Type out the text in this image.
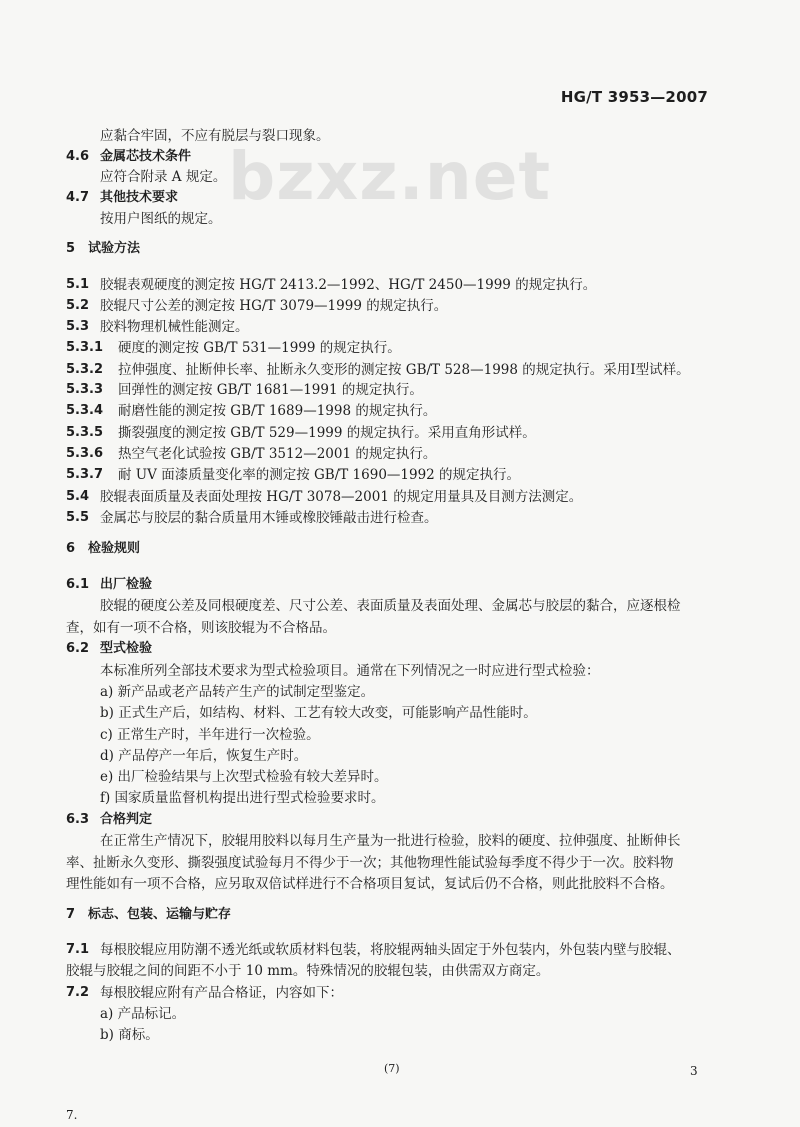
HG/T 3953—2007
bzxz.net
应黏合牢固，不应有脱层与裂口现象。
4.6 金属芯技术条件
应符合附录 A 规定。
4.7 其他技术要求
按用户图纸的规定。
5 试验方法
5.1 胶辊表观硬度的测定按 HG/T 2413.2—1992、HG/T 2450—1999 的规定执行。
5.2 胶辊尺寸公差的测定按 HG/T 3079—1999 的规定执行。
5.3 胶料物理机械性能测定。
5.3.1 硬度的测定按 GB/T 531—1999 的规定执行。
5.3.2 拉伸强度、扯断伸长率、扯断永久变形的测定按 GB/T 528—1998 的规定执行。采用Ⅰ型试样。
5.3.3 回弹性的测定按 GB/T 1681—1991 的规定执行。
5.3.4 耐磨性能的测定按 GB/T 1689—1998 的规定执行。
5.3.5 撕裂强度的测定按 GB/T 529—1999 的规定执行。采用直角形试样。
5.3.6 热空气老化试验按 GB/T 3512—2001 的规定执行。
5.3.7 耐 UV 面漆质量变化率的测定按 GB/T 1690—1992 的规定执行。
5.4 胶辊表面质量及表面处理按 HG/T 3078—2001 的规定用量具及目测方法测定。
5.5 金属芯与胶层的黏合质量用木锤或橡胶锤敲击进行检查。
6 检验规则
6.1 出厂检验
胶辊的硬度公差及同根硬度差、尺寸公差、表面质量及表面处理、金属芯与胶层的黏合，应逐根检
查，如有一项不合格，则该胶辊为不合格品。
6.2 型式检验
本标准所列全部技术要求为型式检验项目。通常在下列情况之一时应进行型式检验：
a) 新产品或老产品转产生产的试制定型鉴定。
b) 正式生产后，如结构、材料、工艺有较大改变，可能影响产品性能时。
c) 正常生产时，半年进行一次检验。
d) 产品停产一年后，恢复生产时。
e) 出厂检验结果与上次型式检验有较大差异时。
f) 国家质量监督机构提出进行型式检验要求时。
6.3 合格判定
在正常生产情况下，胶辊用胶料以每月生产量为一批进行检验，胶料的硬度、拉伸强度、扯断伸长
率、扯断永久变形、撕裂强度试验每月不得少于一次；其他物理性能试验每季度不得少于一次。胶料物
理性能如有一项不合格，应另取双倍试样进行不合格项目复试，复试后仍不合格，则此批胶料不合格。
7 标志、包装、运输与贮存
7.1 每根胶辊应用防潮不透光纸或软质材料包装，将胶辊两轴头固定于外包装内，外包装内壁与胶辊、
胶辊与胶辊之间的间距不小于 10 mm。特殊情况的胶辊包装，由供需双方商定。
7.2 每根胶辊应附有产品合格证，内容如下：
a) 产品标记。
b) 商标。
(7)	3
7.
